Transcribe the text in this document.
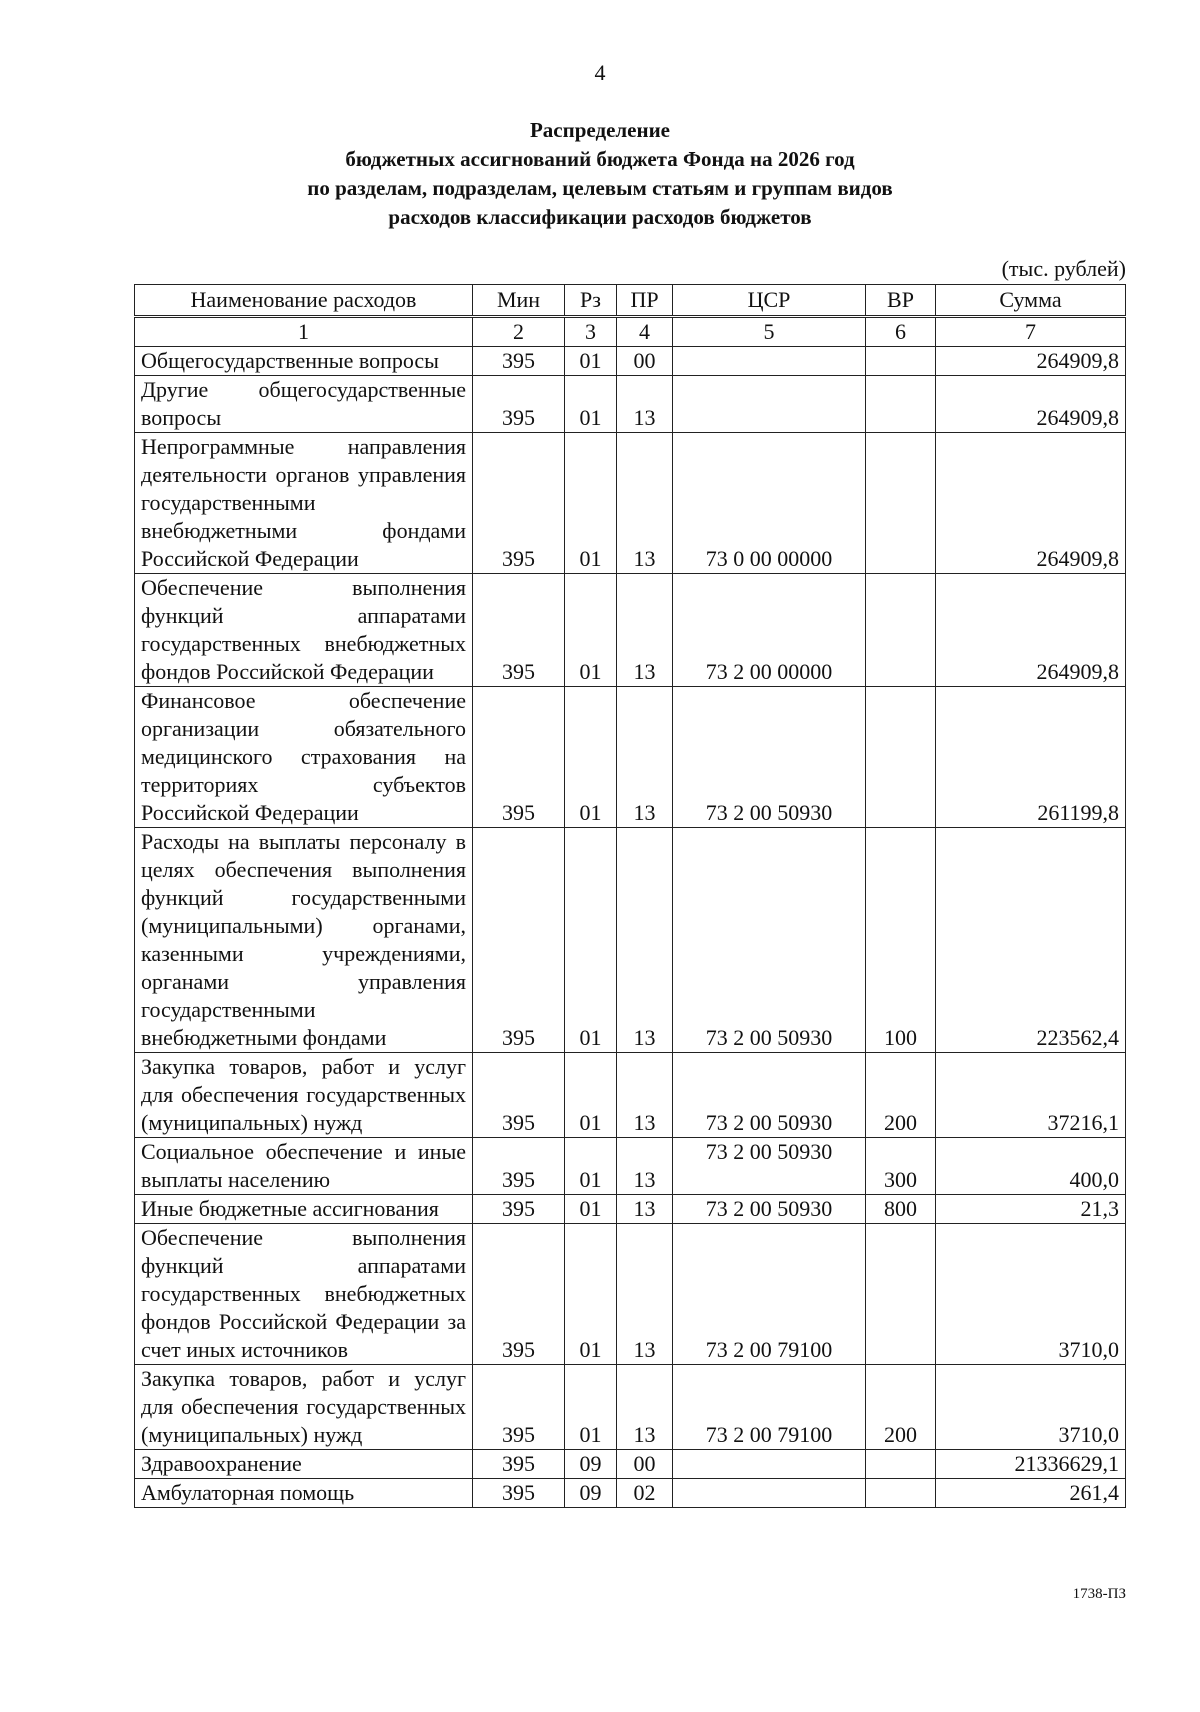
4
Распределение
бюджетных ассигнований бюджета Фонда на 2026 год
по разделам, подразделам, целевым статьям и группам видов
расходов классификации расходов бюджетов
(тыс. рублей)
Наименование расходов	Мин	Рз	ПР	ЦСР	ВР	Сумма
1	2	3	4	5	6	7
Общегосударственные вопросы	395	01	00			264909,8
Другие общегосударственные вопросы	395	01	13			264909,8
Непрограммные направления деятельности органов управления государственными внебюджетными фондами Российской Федерации	395	01	13	73 0 00 00000		264909,8
Обеспечение выполнения функций аппаратами государственных внебюджетных фондов Российской Федерации	395	01	13	73 2 00 00000		264909,8
Финансовое обеспечение организации обязательного медицинского страхования на территориях субъектов Российской Федерации	395	01	13	73 2 00 50930		261199,8
Расходы на выплаты персоналу в целях обеспечения выполнения функций государственными (муниципальными) органами, казенными учреждениями, органами управления государственными внебюджетными фондами	395	01	13	73 2 00 50930	100	223562,4
Закупка товаров, работ и услуг для обеспечения государственных (муниципальных) нужд	395	01	13	73 2 00 50930	200	37216,1
Социальное обеспечение и иные выплаты населению	395	01	13	73 2 00 50930	300	400,0
Иные бюджетные ассигнования	395	01	13	73 2 00 50930	800	21,3
Обеспечение выполнения функций аппаратами государственных внебюджетных фондов Российской Федерации за счет иных источников	395	01	13	73 2 00 79100		3710,0
Закупка товаров, работ и услуг для обеспечения государственных (муниципальных) нужд	395	01	13	73 2 00 79100	200	3710,0
Здравоохранение	395	09	00			21336629,1
Амбулаторная помощь	395	09	02			261,4
1738-ПЗ
